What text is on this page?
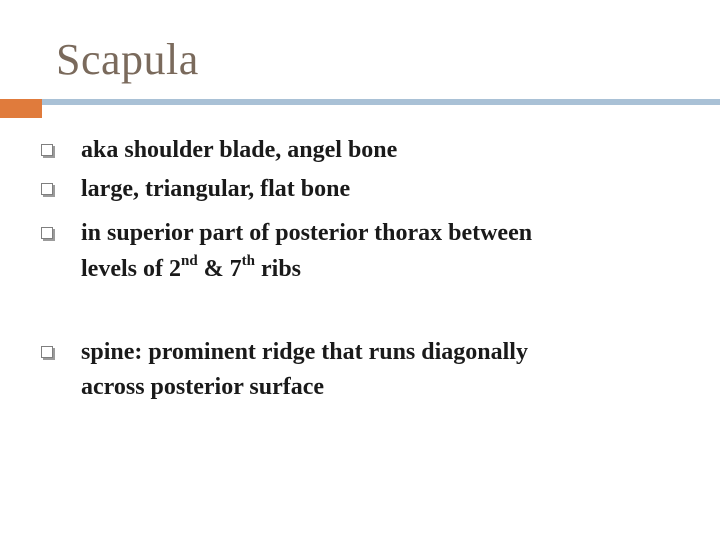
Scapula
aka shoulder blade, angel bone
large, triangular, flat bone
in superior part of posterior thorax between
levels of 2nd & 7th ribs
spine: prominent ridge that runs diagonally
across posterior surface
